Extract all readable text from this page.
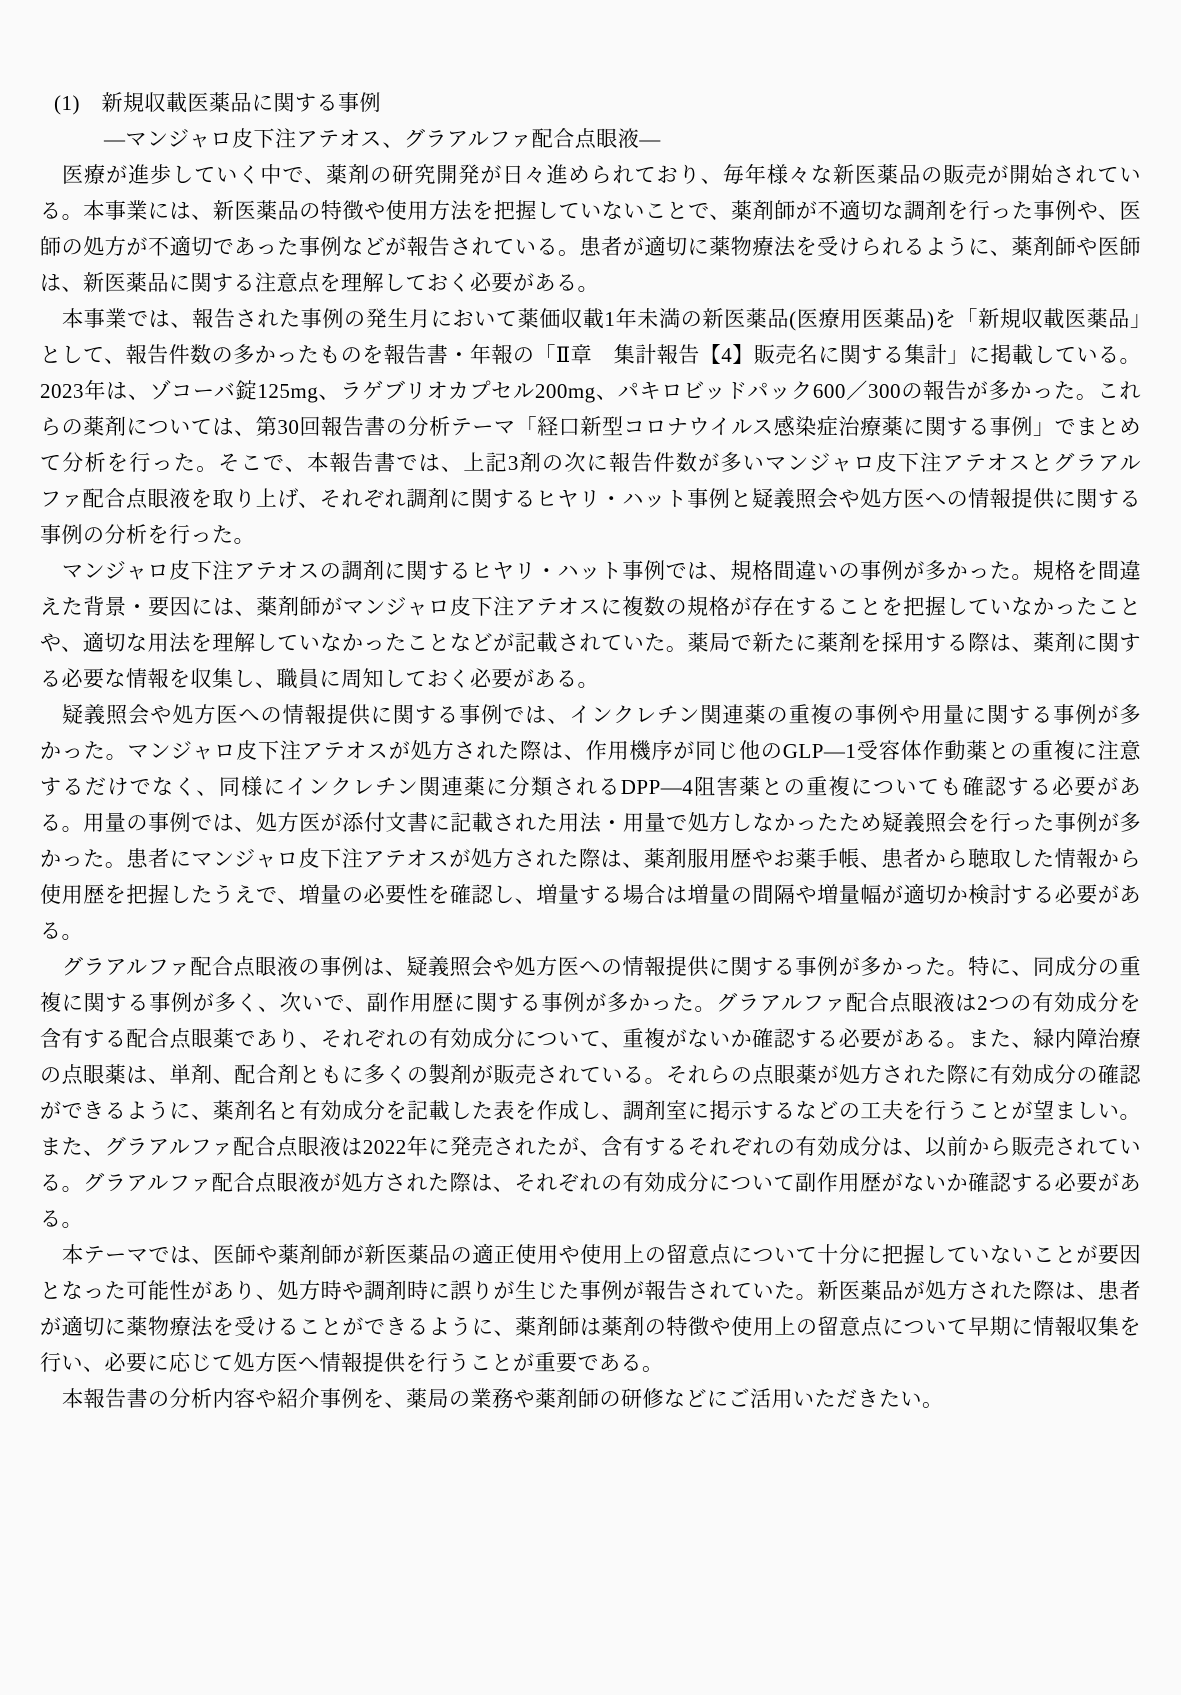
(1)　新規収載医薬品に関する事例
―マンジャロ皮下注アテオス、グラアルファ配合点眼液―

医療が進歩していく中で、薬剤の研究開発が日々進められており、毎年様々な新医薬品の販売が開始されている。本事業には、新医薬品の特徴や使用方法を把握していないことで、薬剤師が不適切な調剤を行った事例や、医師の処方が不適切であった事例などが報告されている。患者が適切に薬物療法を受けられるように、薬剤師や医師は、新医薬品に関する注意点を理解しておく必要がある。

本事業では、報告された事例の発生月において薬価収載1年未満の新医薬品(医療用医薬品)を「新規収載医薬品」として、報告件数の多かったものを報告書・年報の「Ⅱ章　集計報告【4】販売名に関する集計」に掲載している。2023年は、ゾコーバ錠125mg、ラゲブリオカプセル200mg、パキロビッドパック600／300の報告が多かった。これらの薬剤については、第30回報告書の分析テーマ「経口新型コロナウイルス感染症治療薬に関する事例」でまとめて分析を行った。そこで、本報告書では、上記3剤の次に報告件数が多いマンジャロ皮下注アテオスとグラアルファ配合点眼液を取り上げ、それぞれ調剤に関するヒヤリ・ハット事例と疑義照会や処方医への情報提供に関する事例の分析を行った。

マンジャロ皮下注アテオスの調剤に関するヒヤリ・ハット事例では、規格間違いの事例が多かった。規格を間違えた背景・要因には、薬剤師がマンジャロ皮下注アテオスに複数の規格が存在することを把握していなかったことや、適切な用法を理解していなかったことなどが記載されていた。薬局で新たに薬剤を採用する際は、薬剤に関する必要な情報を収集し、職員に周知しておく必要がある。

疑義照会や処方医への情報提供に関する事例では、インクレチン関連薬の重複の事例や用量に関する事例が多かった。マンジャロ皮下注アテオスが処方された際は、作用機序が同じ他のGLP―1受容体作動薬との重複に注意するだけでなく、同様にインクレチン関連薬に分類されるDPP―4阻害薬との重複についても確認する必要がある。用量の事例では、処方医が添付文書に記載された用法・用量で処方しなかったため疑義照会を行った事例が多かった。患者にマンジャロ皮下注アテオスが処方された際は、薬剤服用歴やお薬手帳、患者から聴取した情報から使用歴を把握したうえで、増量の必要性を確認し、増量する場合は増量の間隔や増量幅が適切か検討する必要がある。

グラアルファ配合点眼液の事例は、疑義照会や処方医への情報提供に関する事例が多かった。特に、同成分の重複に関する事例が多く、次いで、副作用歴に関する事例が多かった。グラアルファ配合点眼液は2つの有効成分を含有する配合点眼薬であり、それぞれの有効成分について、重複がないか確認する必要がある。また、緑内障治療の点眼薬は、単剤、配合剤ともに多くの製剤が販売されている。それらの点眼薬が処方された際に有効成分の確認ができるように、薬剤名と有効成分を記載した表を作成し、調剤室に掲示するなどの工夫を行うことが望ましい。また、グラアルファ配合点眼液は2022年に発売されたが、含有するそれぞれの有効成分は、以前から販売されている。グラアルファ配合点眼液が処方された際は、それぞれの有効成分について副作用歴がないか確認する必要がある。

本テーマでは、医師や薬剤師が新医薬品の適正使用や使用上の留意点について十分に把握していないことが要因となった可能性があり、処方時や調剤時に誤りが生じた事例が報告されていた。新医薬品が処方された際は、患者が適切に薬物療法を受けることができるように、薬剤師は薬剤の特徴や使用上の留意点について早期に情報収集を行い、必要に応じて処方医へ情報提供を行うことが重要である。

本報告書の分析内容や紹介事例を、薬局の業務や薬剤師の研修などにご活用いただきたい。
